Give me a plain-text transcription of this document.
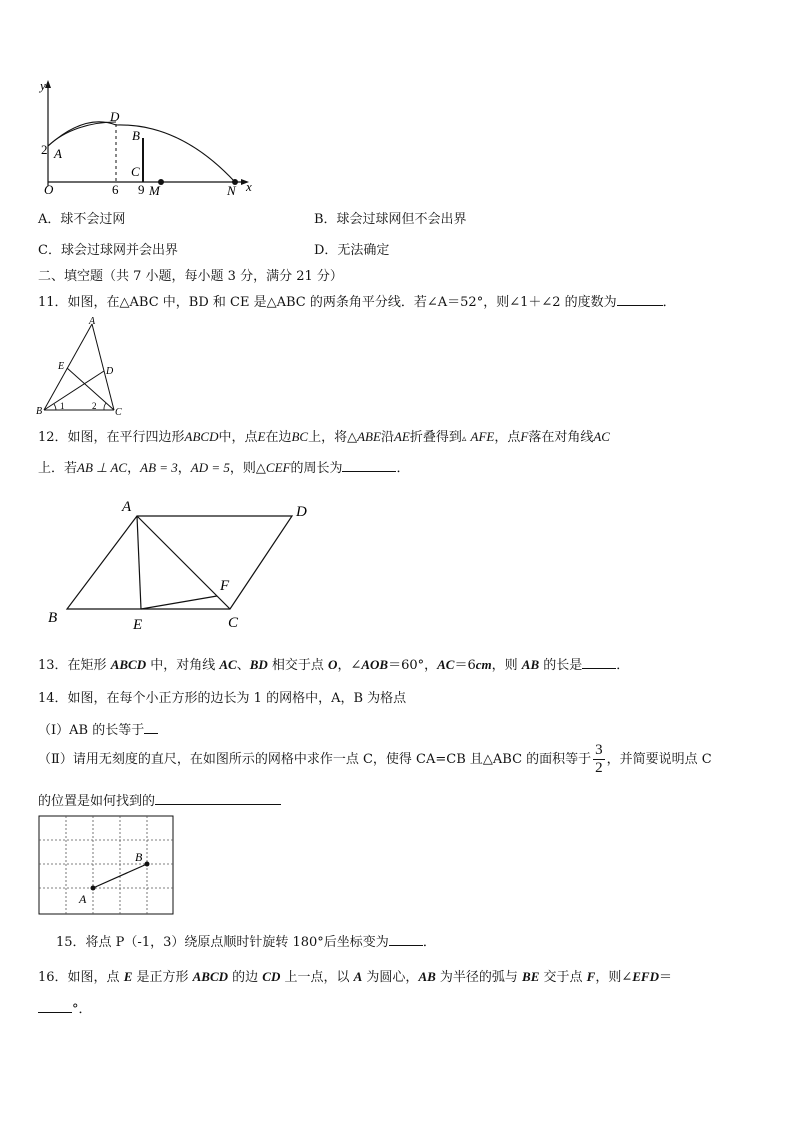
y
x
O
D
B
C
A
2
6 9 M	N
A．球不会过网	B．球会过球网但不会出界
C．球会过球网并会出界	D．无法确定
二、填空题（共 7 小题，每小题 3 分，满分 21 分）
11．如图，在△ABC 中，BD 和 CE 是△ABC 的两条角平分线．若∠A＝52°，则∠1＋∠2 的度数为	．
A
B	C
D
E
1	2
12．如图，在平行四边形ABCD中，点E在边BC上，将△ABE沿AE折叠得到▵ AFE，点F落在对角线AC
上．若AB ⊥ AC，AB = 3，AD = 5，则△CEF的周长为	．
A	D
F
B	E	C
13．在矩形 ABCD 中，对角线 AC、BD 相交于点 O，∠AOB＝60°，AC＝6cm，则 AB 的长是	．
14．如图，在每个小正方形的边长为 1 的网格中，A，B 为格点
（Ⅰ）AB 的长等于
（Ⅱ）请用无刻度的直尺，在如图所示的网格中求作一点 C，使得 CA=CB 且△ABC 的面积等于 $\frac{3}{2}$ ，并简要说明点 C
的位置是如何找到的
A
B
15．将点 P（-1，3）绕原点顺时针旋转 180°后坐标变为	．
16．如图，点 E 是正方形 ABCD 的边 CD 上一点，以 A 为圆心，AB 为半径的弧与 BE 交于点 F，则∠EFD＝
°．
